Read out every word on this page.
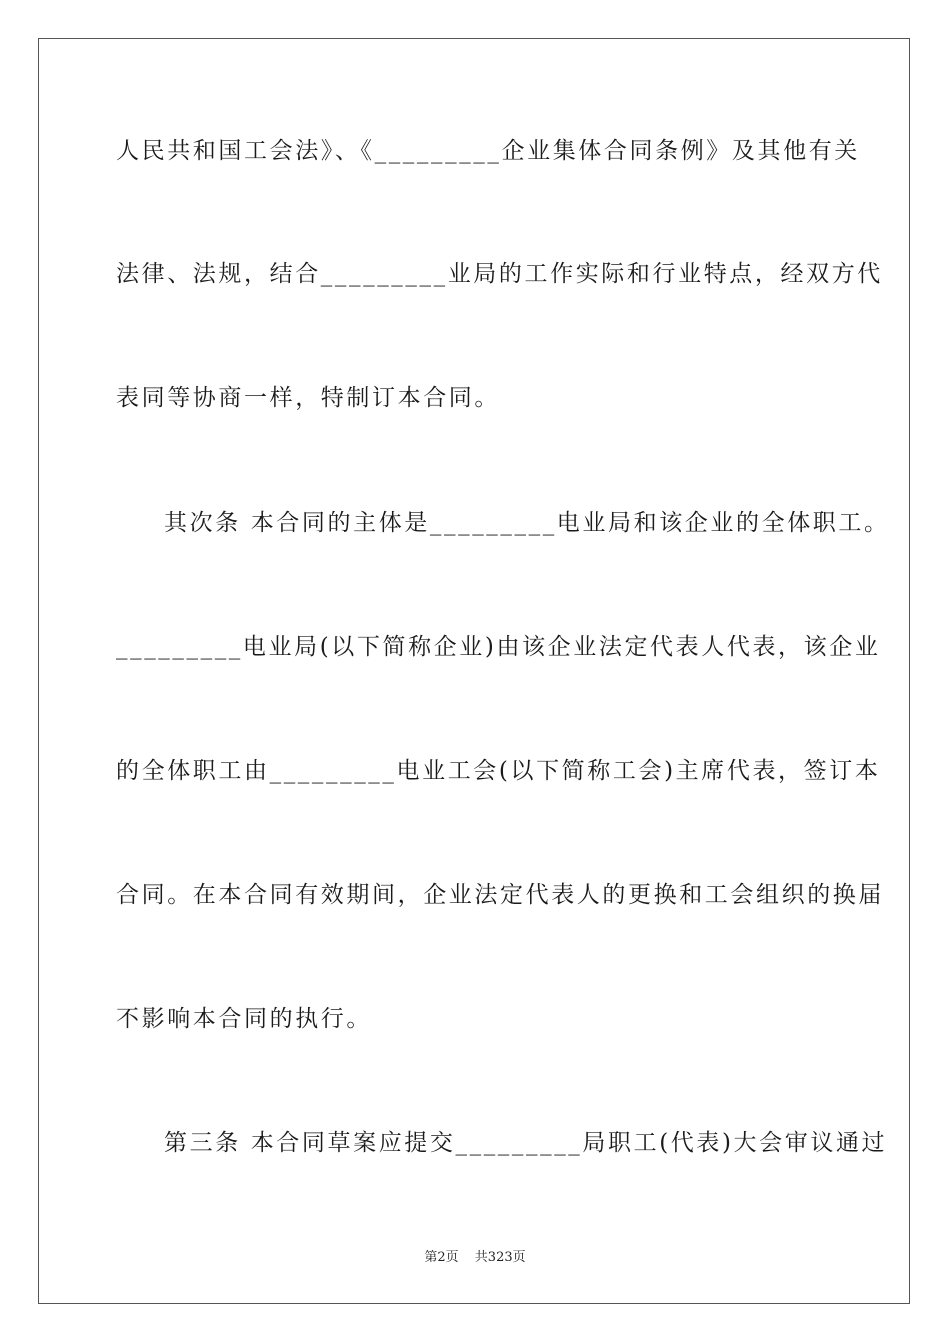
人民共和国工会法》、《_________企业集体合同条例》及其他有关
法律、法规，结合_________业局的工作实际和行业特点，经双方代
表同等协商一样，特制订本合同。
其次条 本合同的主体是_________电业局和该企业的全体职工。
_________电业局(以下简称企业)由该企业法定代表人代表，该企业
的全体职工由_________电业工会(以下简称工会)主席代表，签订本
合同。在本合同有效期间，企业法定代表人的更换和工会组织的换届
不影响本合同的执行。
第三条 本合同草案应提交_________局职工(代表)大会审议通过
第2页 共323页
